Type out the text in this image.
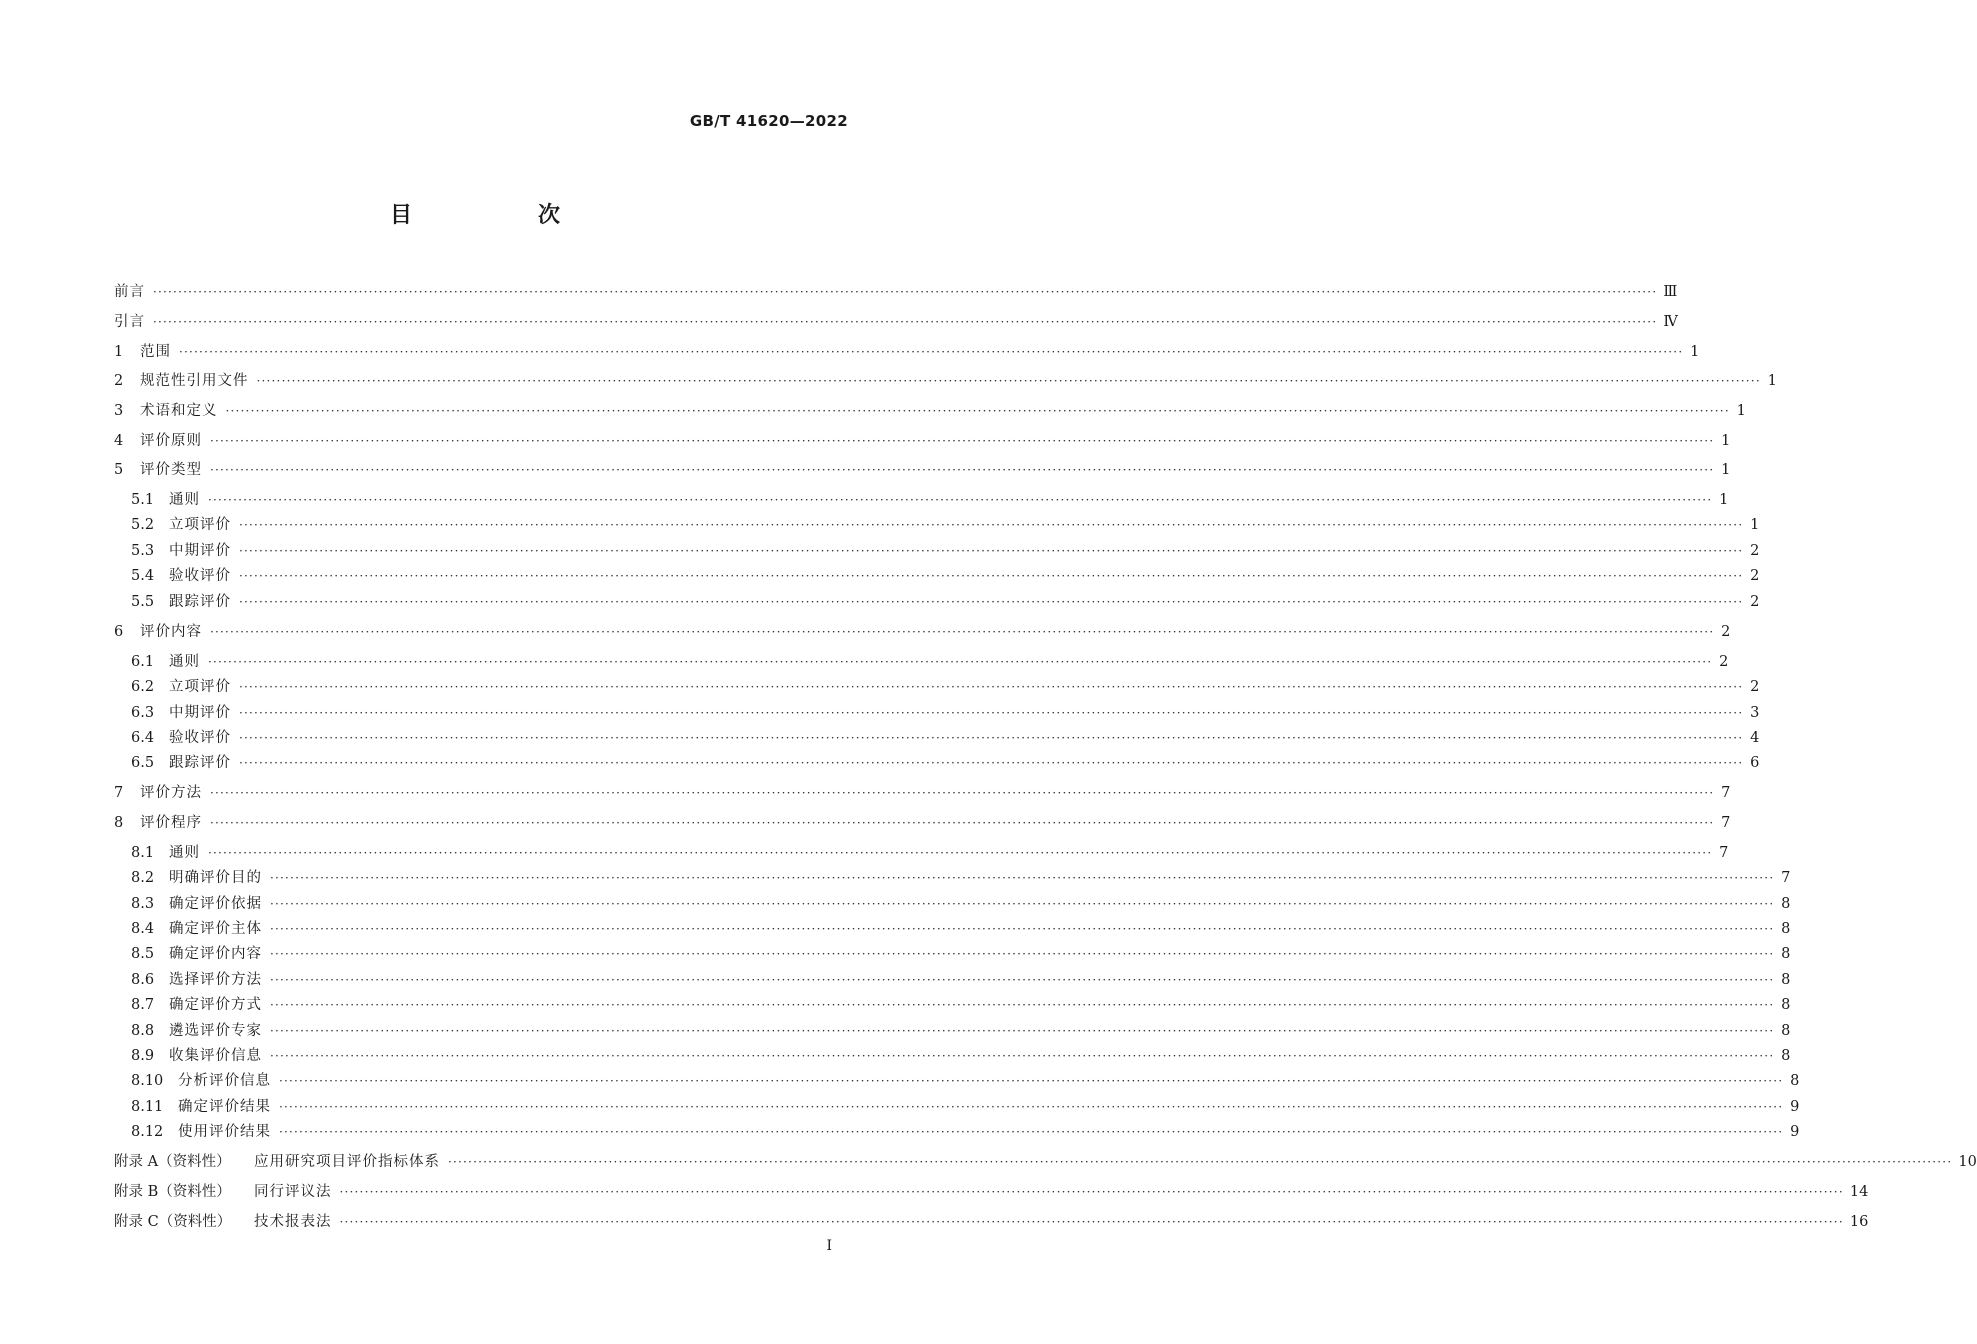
GB/T 41620—2022
目　次
前言 ············································································································································································································································································································ Ⅲ
引言 ············································································································································································································································································································ Ⅳ
1	范围 ············································································································································································································································································································ 1
2	规范性引用文件 ············································································································································································································································································································ 1
3	术语和定义 ············································································································································································································································································································ 1
4	评价原则 ············································································································································································································································································································ 1
5	评价类型 ············································································································································································································································································································ 1
5.1	通则 ············································································································································································································································································································ 1
5.2	立项评价 ············································································································································································································································································································ 1
5.3	中期评价 ············································································································································································································································································································ 2
5.4	验收评价 ············································································································································································································································································································ 2
5.5	跟踪评价 ············································································································································································································································································································ 2
6	评价内容 ············································································································································································································································································································ 2
6.1	通则 ············································································································································································································································································································ 2
6.2	立项评价 ············································································································································································································································································································ 2
6.3	中期评价 ············································································································································································································································································································ 3
6.4	验收评价 ············································································································································································································································································································ 4
6.5	跟踪评价 ············································································································································································································································································································ 6
7	评价方法 ············································································································································································································································································································ 7
8	评价程序 ············································································································································································································································································································ 7
8.1	通则 ············································································································································································································································································································ 7
8.2	明确评价目的 ············································································································································································································································································································ 7
8.3	确定评价依据 ············································································································································································································································································································ 8
8.4	确定评价主体 ············································································································································································································································································································ 8
8.5	确定评价内容 ············································································································································································································································································································ 8
8.6	选择评价方法 ············································································································································································································································································································ 8
8.7	确定评价方式 ············································································································································································································································································································ 8
8.8	遴选评价专家 ············································································································································································································································································································ 8
8.9	收集评价信息 ············································································································································································································································································································ 8
8.10	分析评价信息 ············································································································································································································································································································ 8
8.11	确定评价结果 ············································································································································································································································································································ 9
8.12	使用评价结果 ············································································································································································································································································································ 9
附录 A（资料性）	应用研究项目评价指标体系 ············································································································································································································································································································ 10
附录 B（资料性）	同行评议法 ············································································································································································································································································································ 14
附录 C（资料性）	技术报表法 ············································································································································································································································································································ 16
I
